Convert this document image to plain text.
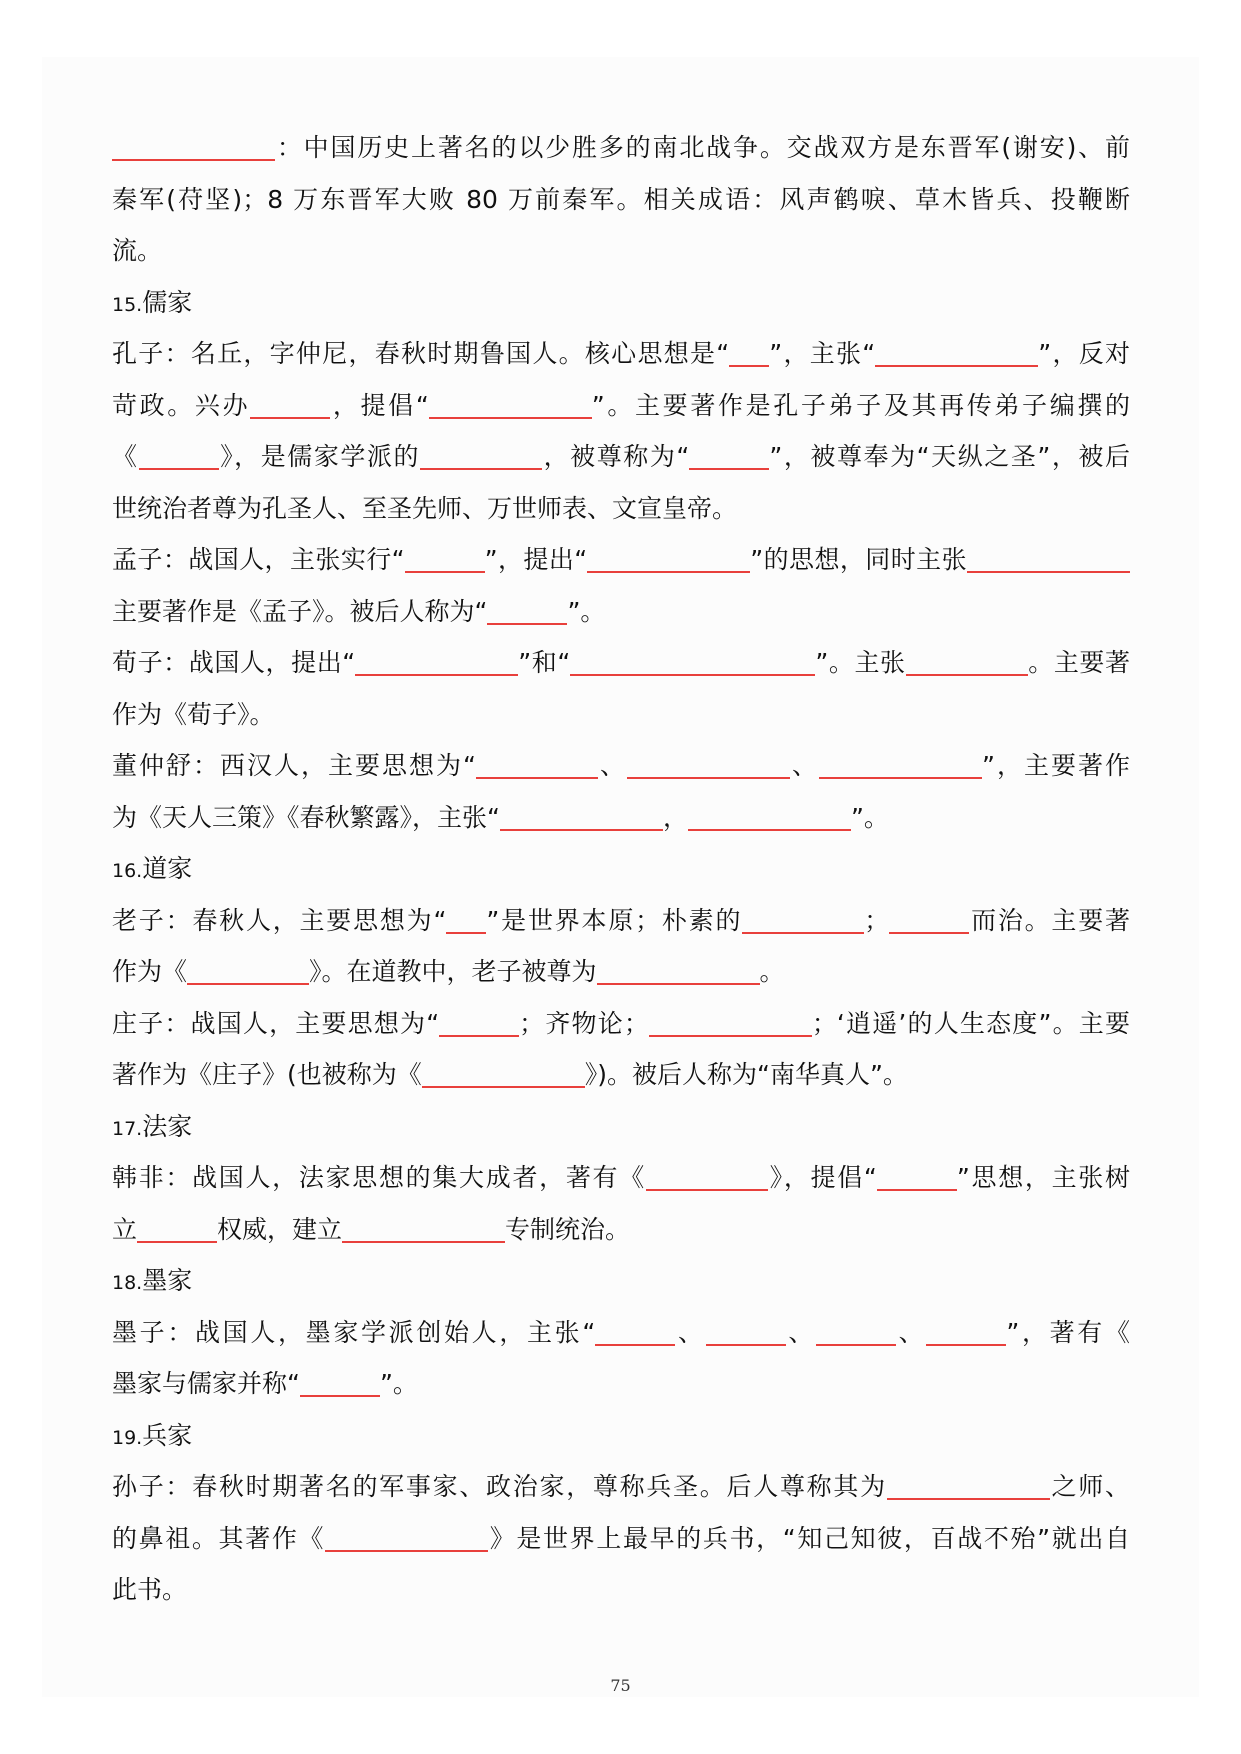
：中国历史上著名的以少胜多的南北战争。交战双方是东晋军(谢安)、前
秦军(苻坚)；8 万东晋军大败 80 万前秦军。相关成语：风声鹤唳、草木皆兵、投鞭断
流。
15.儒家
孔子：名丘，字仲尼，春秋时期鲁国人。核心思想是“ ”，主张“	”，反对
苛政。兴办	，提倡“	”。主要著作是孔子弟子及其再传弟子编撰的
《	》，是儒家学派的	，被尊称为“	”，被尊奉为“天纵之圣”，被后
世统治者尊为孔圣人、至圣先师、万世师表、文宣皇帝。
孟子：战国人，主张实行“	”，提出“	”的思想，同时主张
主要著作是《孟子》。被后人称为“	”。
荀子：战国人，提出“	”和“	”。主张	。主要著
作为《荀子》。
董仲舒：西汉人，主要思想为“	、	、	”，主要著作
为《天人三策》《春秋繁露》，主张“	，	”。
16.道家
老子：春秋人，主要思想为“ ”是世界本原；朴素的	；	而治。主要著
作为《	》。在道教中，老子被尊为	。
庄子：战国人，主要思想为“	；齐物论；	；‘逍遥’的人生态度”。主要
著作为《庄子》(也被称为《	》)。被后人称为“南华真人”。
17.法家
韩非：战国人，法家思想的集大成者，著有《	》，提倡“	”思想，主张树
立	权威，建立	专制统治。
18.墨家
墨子：战国人，墨家学派创始人，主张“	、	、	、	”，著有《
墨家与儒家并称“	”。
19.兵家
孙子：春秋时期著名的军事家、政治家，尊称兵圣。后人尊称其为	之师、
的鼻祖。其著作《	》是世界上最早的兵书，“知己知彼，百战不殆”就出自
此书。
75
